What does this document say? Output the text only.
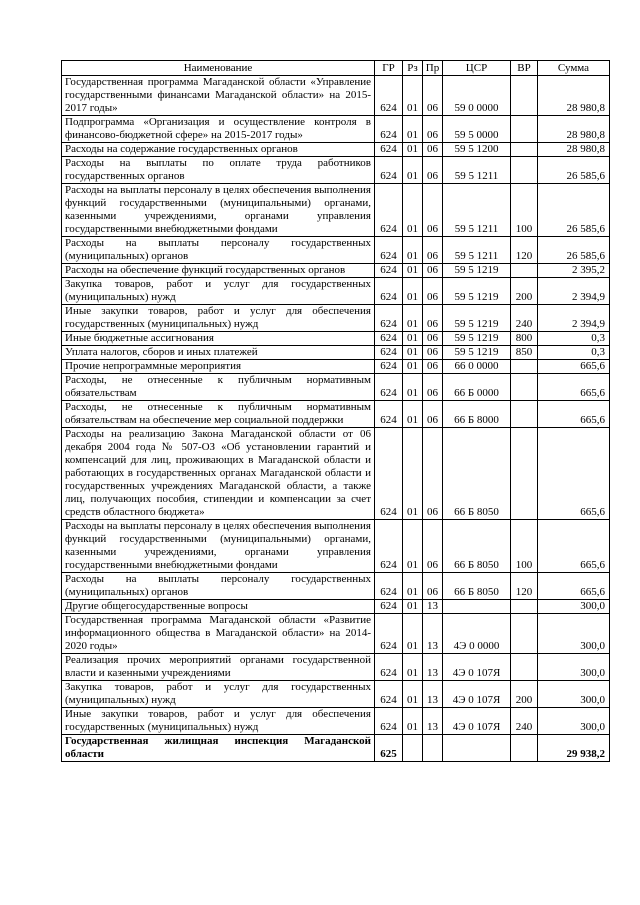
Наименование	ГР	Рз	Пр	ЦСР	ВР	Сумма
Государственная программа Магаданской области «Управление государственными финансами Магаданской области» на 2015-2017 годы»	624	01	06	59 0 0000		28 980,8
Подпрограмма «Организация и осуществление контроля в финансово-бюджетной сфере» на 2015-2017 годы»	624	01	06	59 5 0000		28 980,8
Расходы на содержание государственных органов	624	01	06	59 5 1200		28 980,8
Расходы на выплаты по оплате труда работников государственных органов	624	01	06	59 5 1211		26 585,6
Расходы на выплаты персоналу в целях обеспечения выполнения функций государственными (муниципальными) органами, казенными учреждениями, органами управления государственными внебюджетными фондами	624	01	06	59 5 1211	100	26 585,6
Расходы на выплаты персоналу государственных (муниципальных) органов	624	01	06	59 5 1211	120	26 585,6
Расходы на обеспечение функций государственных органов	624	01	06	59 5 1219		2 395,2
Закупка товаров, работ и услуг для государственных (муниципальных) нужд	624	01	06	59 5 1219	200	2 394,9
Иные закупки товаров, работ и услуг для обеспечения государственных (муниципальных) нужд	624	01	06	59 5 1219	240	2 394,9
Иные бюджетные ассигнования	624	01	06	59 5 1219	800	0,3
Уплата налогов, сборов и иных платежей	624	01	06	59 5 1219	850	0,3
Прочие непрограммные мероприятия	624	01	06	66 0 0000		665,6
Расходы, не отнесенные к публичным нормативным обязательствам	624	01	06	66 Б 0000		665,6
Расходы, не отнесенные к публичным нормативным обязательствам на обеспечение мер социальной поддержки	624	01	06	66 Б 8000		665,6
Расходы на реализацию Закона Магаданской области от 06 декабря 2004 года № 507-ОЗ «Об установлении гарантий и компенсаций для лиц, проживающих в Магаданской области и работающих в государственных органах Магаданской области и государственных учреждениях Магаданской области, а также лиц, получающих пособия, стипендии и компенсации за счет средств областного бюджета»	624	01	06	66 Б 8050		665,6
Расходы на выплаты персоналу в целях обеспечения выполнения функций государственными (муниципальными) органами, казенными учреждениями, органами управления государственными внебюджетными фондами	624	01	06	66 Б 8050	100	665,6
Расходы на выплаты персоналу государственных (муниципальных) органов	624	01	06	66 Б 8050	120	665,6
Другие общегосударственные вопросы	624	01	13			300,0
Государственная программа Магаданской области «Развитие информационного общества в Магаданской области» на 2014-2020 годы»	624	01	13	4Э 0 0000		300,0
Реализация прочих мероприятий органами государственной власти и казенными учреждениями	624	01	13	4Э 0 107Я		300,0
Закупка товаров, работ и услуг для государственных (муниципальных) нужд	624	01	13	4Э 0 107Я	200	300,0
Иные закупки товаров, работ и услуг для обеспечения государственных (муниципальных) нужд	624	01	13	4Э 0 107Я	240	300,0
Государственная жилищная инспекция Магаданской области	625					29 938,2
